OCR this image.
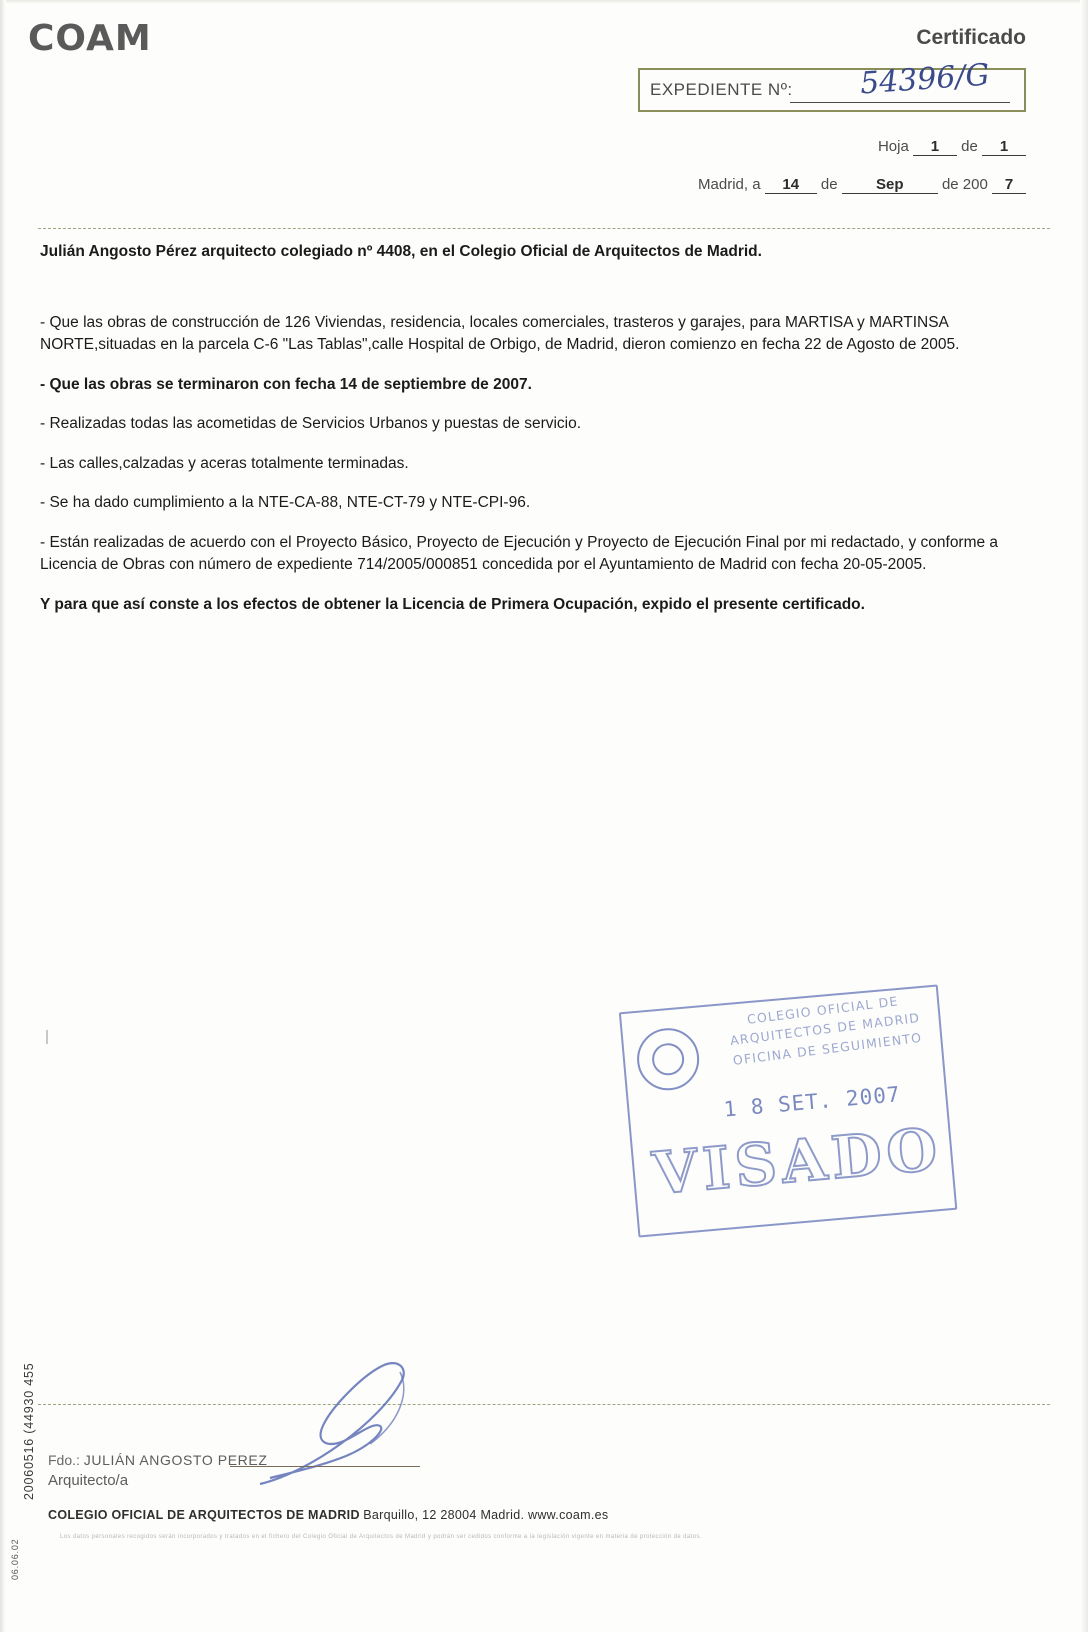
COAM	Certificado
EXPEDIENTE Nº: 54396/G
Hoja 1 de 1
Madrid, a 14 de	Sep	de 200 7
Julián Angosto Pérez arquitecto colegiado nº 4408, en el Colegio Oficial de Arquitectos de Madrid.
- Que las obras de construcción de 126 Viviendas, residencia, locales comerciales, trasteros y garajes, para MARTISA y MARTINSA NORTE,situadas en la parcela C-6 "Las Tablas",calle Hospital de Orbigo, de Madrid, dieron comienzo en fecha 22 de Agosto de 2005.
- Que las obras se terminaron con fecha 14 de septiembre de 2007.
- Realizadas todas las acometidas de Servicios Urbanos y puestas de servicio.
- Las calles,calzadas y aceras totalmente terminadas.
- Se ha dado cumplimiento a la NTE-CA-88, NTE-CT-79 y NTE-CPI-96.
- Están realizadas de acuerdo con el Proyecto Básico, Proyecto de Ejecución y Proyecto de Ejecución Final por mi redactado, y conforme a Licencia de Obras con número de expediente 714/2005/000851 concedida por el Ayuntamiento de Madrid con fecha 20-05-2005.
Y para que así conste a los efectos de obtener la Licencia de Primera Ocupación, expido el presente certificado.
COLEGIO OFICIAL DE ARQUITECTOS DE MADRID OFICINA DE SEGUIMIENTO
1 8 SET. 2007
VISADO
Fdo.: JULIÁN ANGOSTO PEREZ
Arquitecto/a
COLEGIO OFICIAL DE ARQUITECTOS DE MADRID Barquillo, 12 28004 Madrid. www.coam.es
Los datos personales recogidos serán incorporados y tratados en el fichero del Colegio Oficial de Arquitectos de Madrid y podrán ser cedidos conforme a la legislación vigente en materia de protección de datos.
20060516 (44930 455
06.06.02
